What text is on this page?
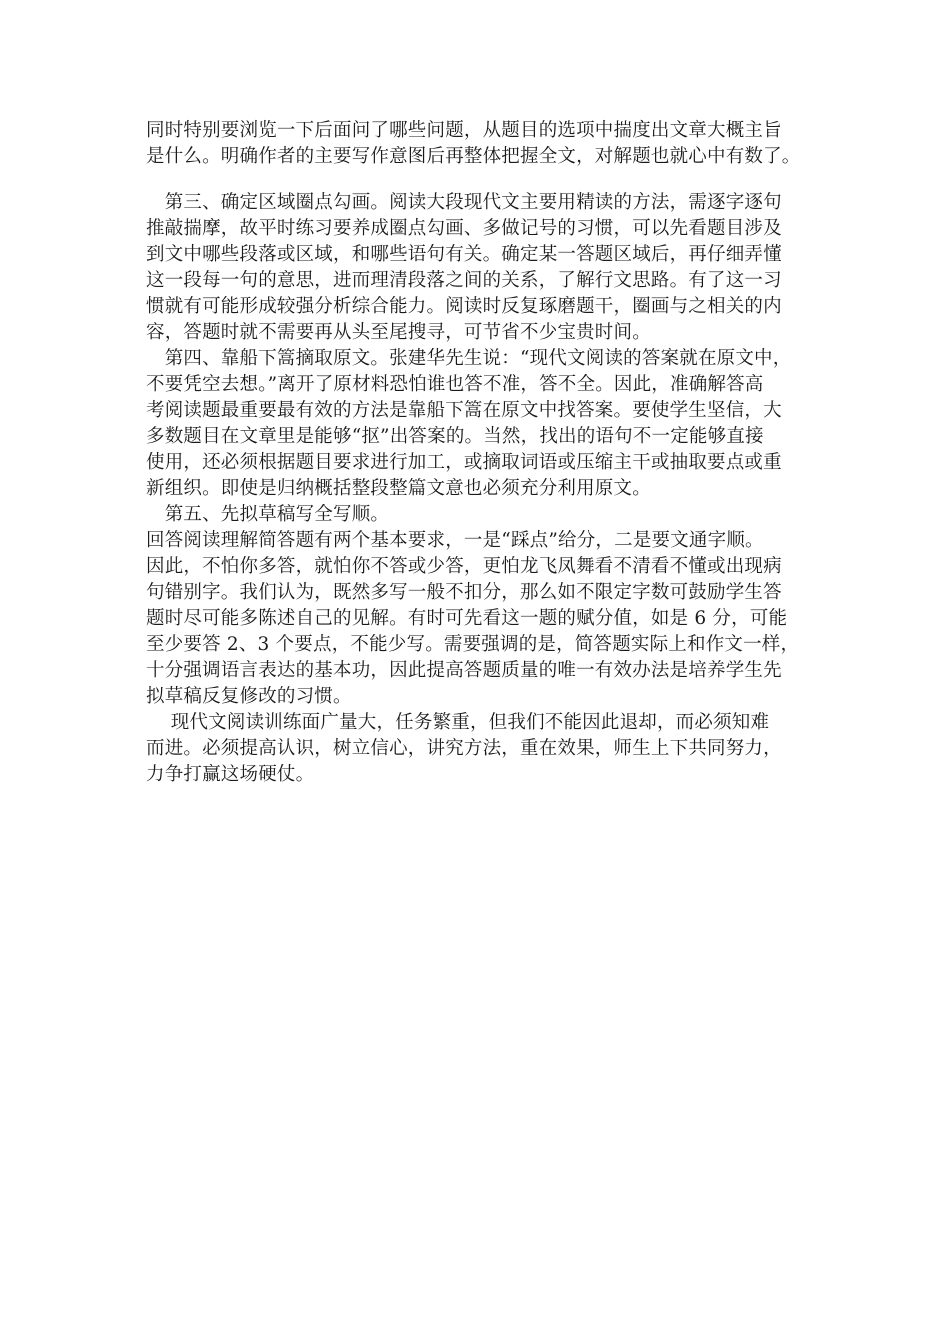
同时特别要浏览一下后面问了哪些问题，从题目的选项中揣度出文章大概主旨
是什么。明确作者的主要写作意图后再整体把握全文，对解题也就心中有数了。
　第三、确定区域圈点勾画。阅读大段现代文主要用精读的方法，需逐字逐句
推敲揣摩，故平时练习要养成圈点勾画、多做记号的习惯，可以先看题目涉及
到文中哪些段落或区域，和哪些语句有关。确定某一答题区域后，再仔细弄懂
这一段每一句的意思，进而理清段落之间的关系，了解行文思路。有了这一习
惯就有可能形成较强分析综合能力。阅读时反复琢磨题干，圈画与之相关的内
容，答题时就不需要再从头至尾搜寻，可节省不少宝贵时间。
　第四、靠船下篙摘取原文。张建华先生说：“现代文阅读的答案就在原文中，
不要凭空去想。”离开了原材料恐怕谁也答不准，答不全。因此，准确解答高
考阅读题最重要最有效的方法是靠船下篙在原文中找答案。要使学生坚信，大
多数题目在文章里是能够“抠”出答案的。当然，找出的语句不一定能够直接
使用，还必须根据题目要求进行加工，或摘取词语或压缩主干或抽取要点或重
新组织。即使是归纳概括整段整篇文意也必须充分利用原文。
　第五、先拟草稿写全写顺。
回答阅读理解简答题有两个基本要求，一是“踩点”给分，二是要文通字顺。
因此，不怕你多答，就怕你不答或少答，更怕龙飞凤舞看不清看不懂或出现病
句错别字。我们认为，既然多写一般不扣分，那么如不限定字数可鼓励学生答
题时尽可能多陈述自己的见解。有时可先看这一题的赋分值，如是 6 分，可能
至少要答 2、3 个要点，不能少写。需要强调的是，简答题实际上和作文一样，
十分强调语言表达的基本功，因此提高答题质量的唯一有效办法是培养学生先
拟草稿反复修改的习惯。
　 现代文阅读训练面广量大，任务繁重，但我们不能因此退却，而必须知难
而进。必须提高认识，树立信心，讲究方法，重在效果，师生上下共同努力，
力争打赢这场硬仗。
